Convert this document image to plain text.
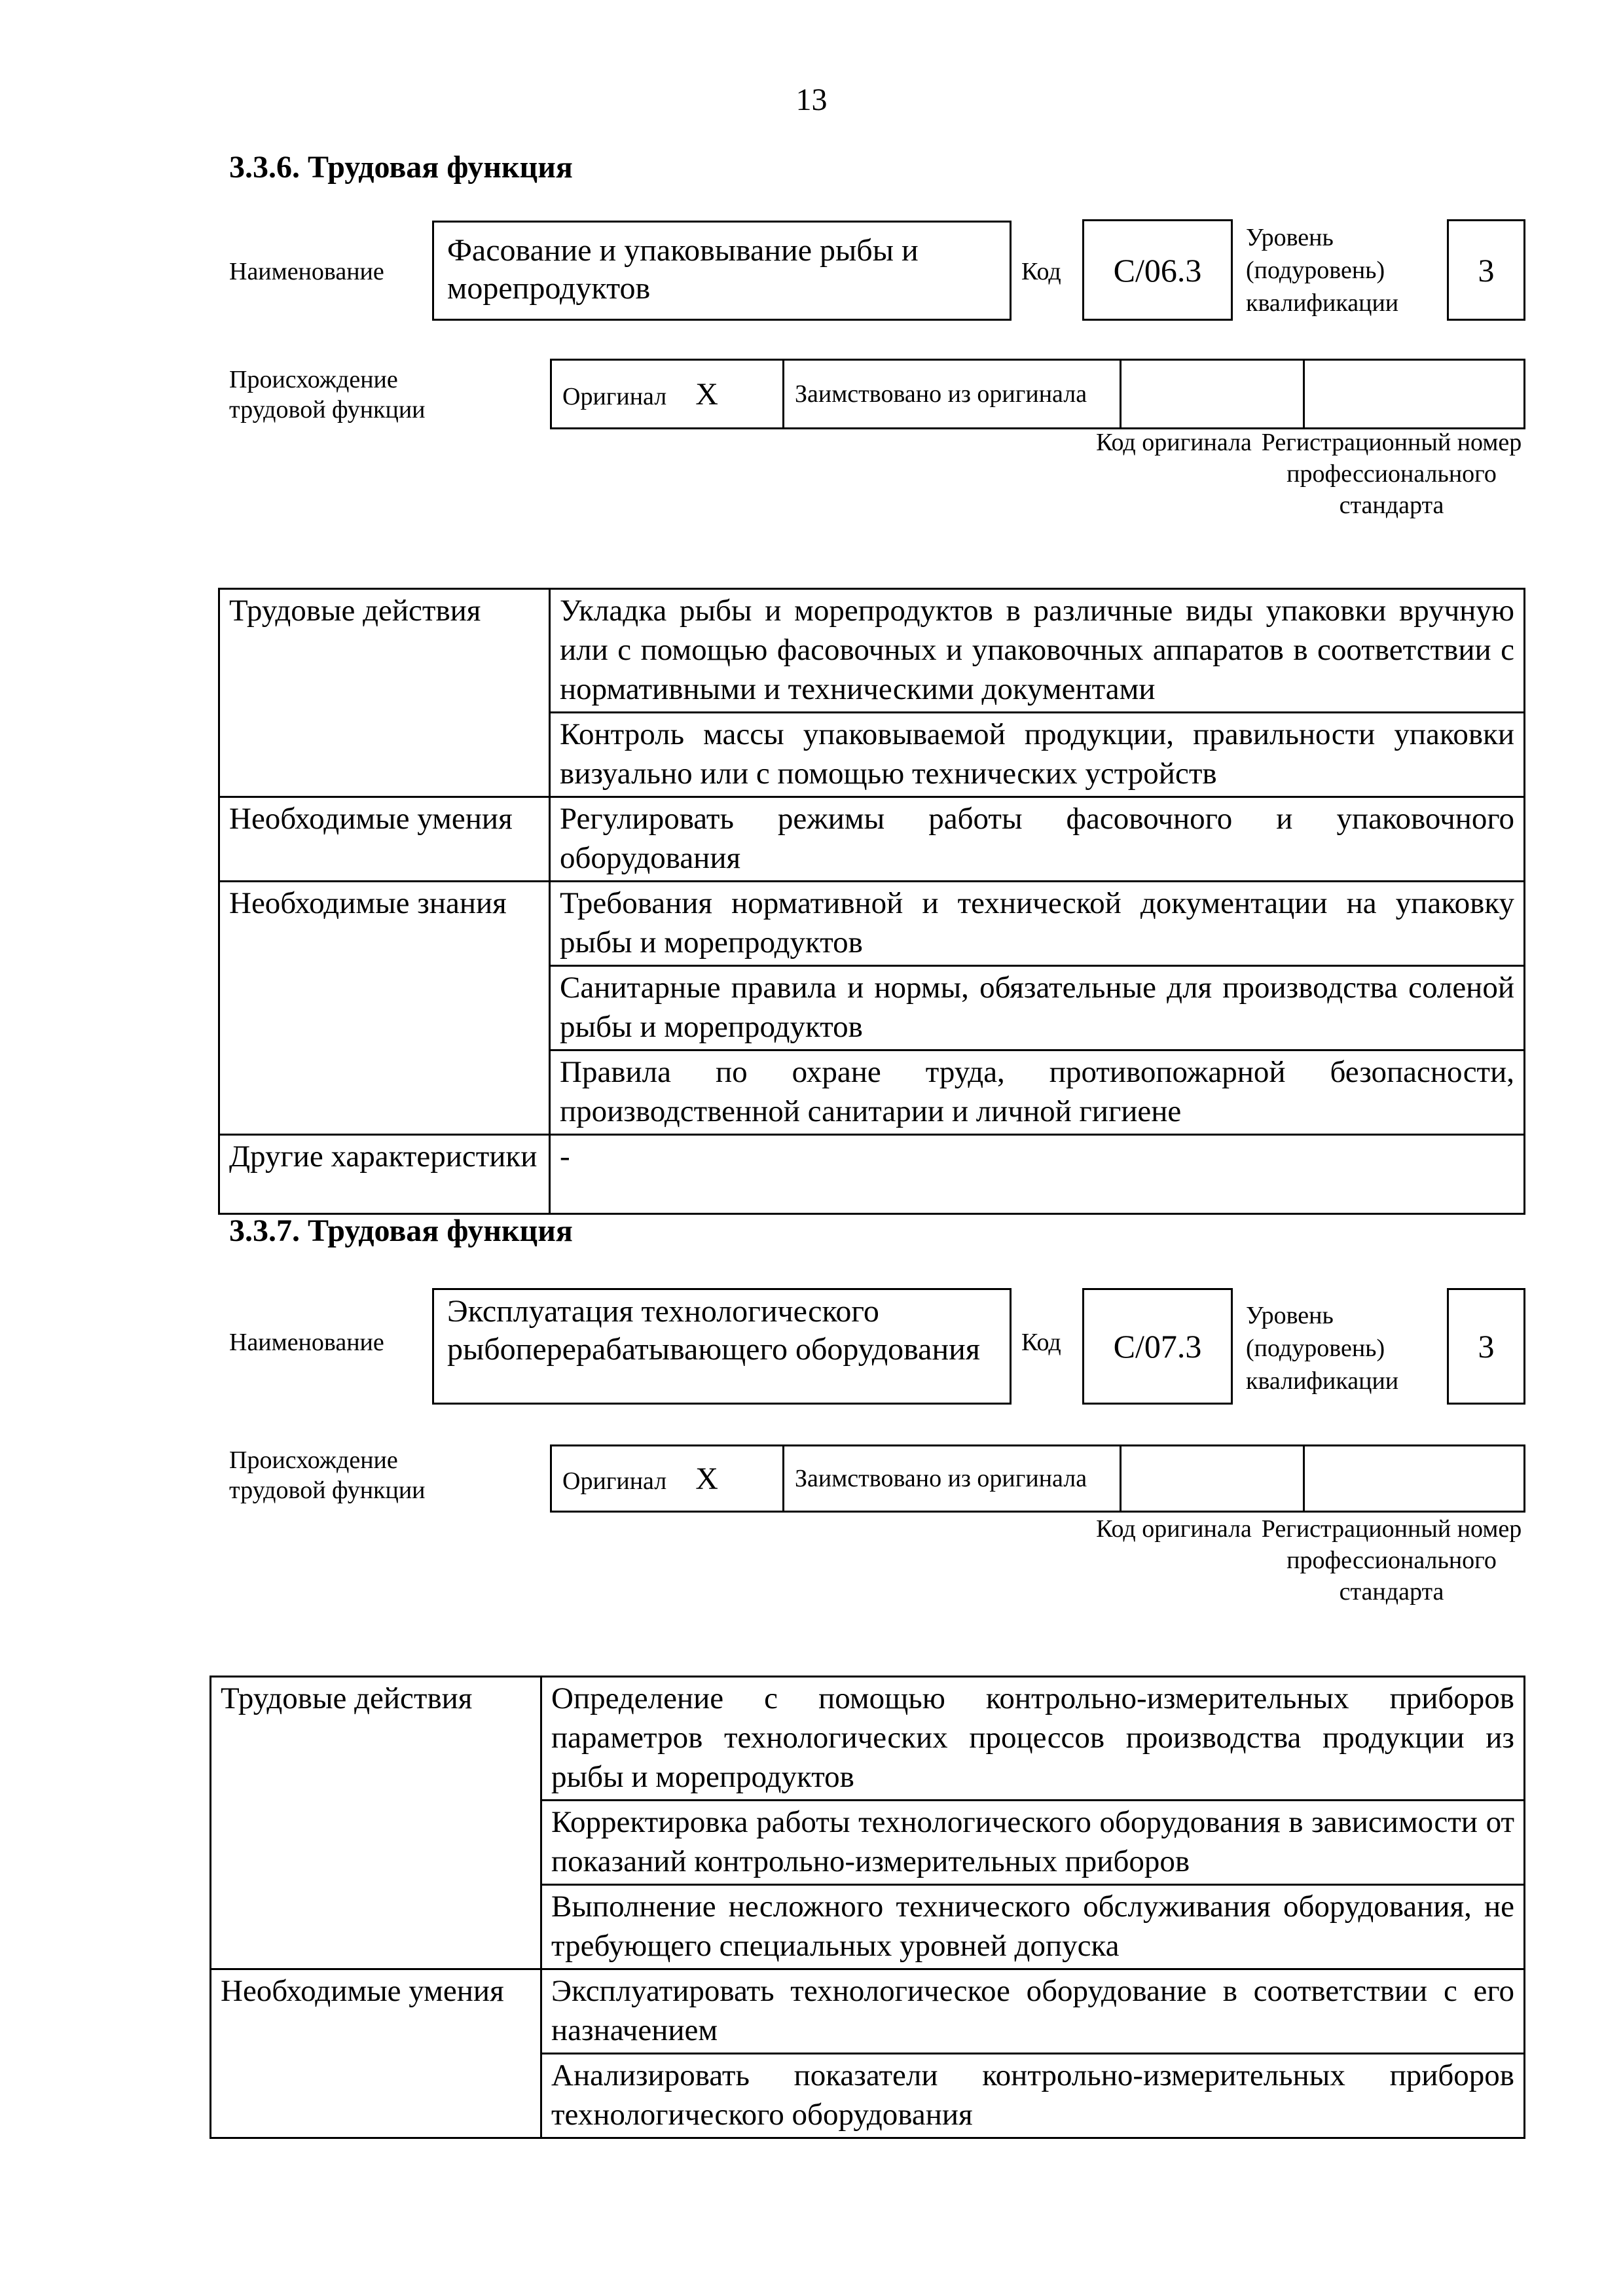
13
3.3.6. Трудовая функция
Наименование
Фасование и упаковывание рыбы и морепродуктов	Код	C/06.3
Уровень (подуровень) квалификации
3
Происхождение трудовой функции	Оригинал X	Заимствовано из оригинала

Код оригинала Регистрационный номер профессионального стандарта
Трудовые действия	Укладка рыбы и морепродуктов в различные виды упаковки вручную или с помощью фасовочных и упаковочных аппаратов в соответствии с нормативными и техническими документами
	Контроль массы упаковываемой продукции, правильности упаковки визуально или с помощью технических устройств
Необходимые умения	Регулировать режимы работы фасовочного и упаковочного оборудования
Необходимые знания	Требования нормативной и технической документации на упаковку рыбы и морепродуктов
	Санитарные правила и нормы, обязательные для производства соленой рыбы и морепродуктов
	Правила по охране труда, противопожарной безопасности, производственной санитарии и личной гигиене
Другие характеристики	-
3.3.7. Трудовая функция
Наименование
Эксплуатация технологического рыбоперерабатывающего оборудования	Код	C/07.3
Уровень (подуровень) квалификации
3
Происхождение трудовой функции	Оригинал X	Заимствовано из оригинала

Код оригинала Регистрационный номер профессионального стандарта
Трудовые действия	Определение с помощью контрольно-измерительных приборов параметров технологических процессов производства продукции из рыбы и морепродуктов
	Корректировка работы технологического оборудования в зависимости от показаний контрольно-измерительных приборов
	Выполнение несложного технического обслуживания оборудования, не требующего специальных уровней допуска
Необходимые умения	Эксплуатировать технологическое оборудование в соответствии с его назначением
	Анализировать показатели контрольно-измерительных приборов технологического оборудования
